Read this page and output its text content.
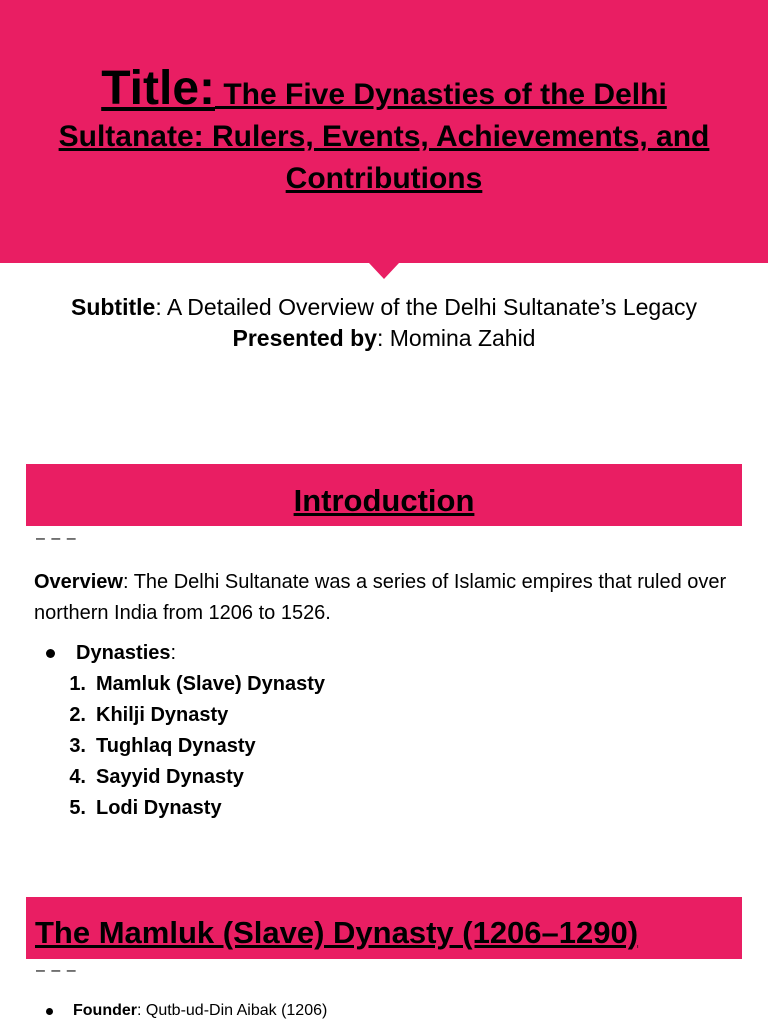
Title: The Five Dynasties of the Delhi Sultanate: Rulers, Events, Achievements, and Contributions
Subtitle: A Detailed Overview of the Delhi Sultanate’s Legacy
Presented by: Momina Zahid
Introduction
– – –

Overview: The Delhi Sultanate was a series of Islamic empires that ruled over northern India from 1206 to 1526.

Dynasties:
1. Mamluk (Slave) Dynasty
2. Khilji Dynasty
3. Tughlaq Dynasty
4. Sayyid Dynasty
5. Lodi Dynasty
The Mamluk (Slave) Dynasty (1206–1290)
– – –
Founder: Qutb-ud-Din Aibak (1206)
